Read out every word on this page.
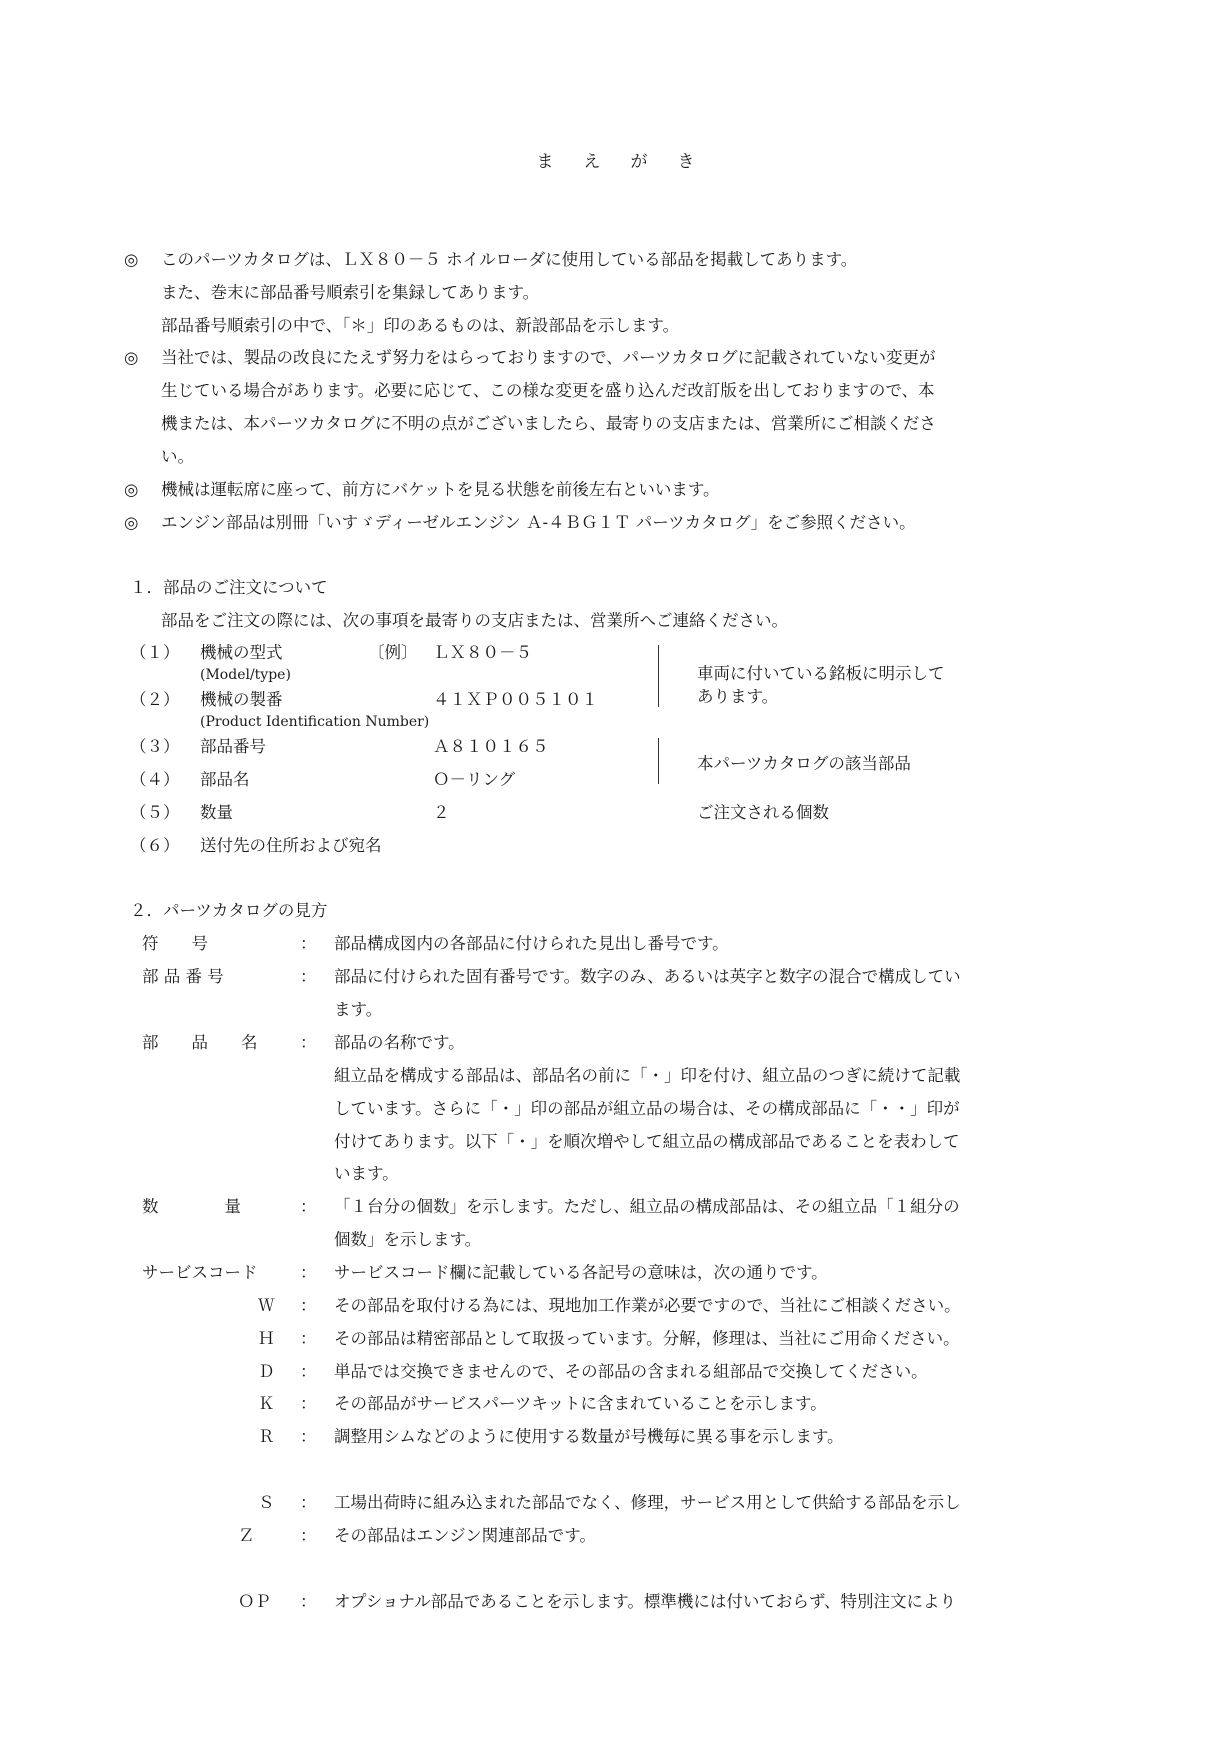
まえがき
◎ このパーツカタログは、ＬＸ８０－５ ホイルローダに使用している部品を掲載してあります。
また、巻末に部品番号順索引を集録してあります。
部品番号順索引の中で、「＊」印のあるものは、新設部品を示します。
◎ 当社では、製品の改良にたえず努力をはらっておりますので、パーツカタログに記載されていない変更が
生じている場合があります。必要に応じて、この様な変更を盛り込んだ改訂版を出しておりますので、本
機または、本パーツカタログに不明の点がございましたら、最寄りの支店または、営業所にご相談くださ
い。
◎ 機械は運転席に座って、前方にバケットを見る状態を前後左右といいます。
◎ エンジン部品は別冊「いすゞディーゼルエンジン Ａ-４ＢＧ１Ｔ パーツカタログ」をご参照ください。
１．部品のご注文について
部品をご注文の際には、次の事項を最寄りの支店または、営業所へご連絡ください。
（１） 機械の型式	〔例〕 ＬＸ８０－５
(Model/type)
（２） 機械の製番	４１ＸＰ００５１０１
(Product Identification Number)
車両に付いている銘板に明示して
あります。
（３） 部品番号	Ａ８１０１６５
本パーツカタログの該当部品
（４） 部品名	Ｏ－リング
（５） 数量	２	ご注文される個数
（６） 送付先の住所および宛名
２．パーツカタログの見方
符　　号	： 部品構成図内の各部品に付けられた見出し番号です。
部 品 番 号	： 部品に付けられた固有番号です。数字のみ、あるいは英字と数字の混合で構成してい
ます。
部　　品　　名	： 部品の名称です。
組立品を構成する部品は、部品名の前に「・」印を付け、組立品のつぎに続けて記載
しています。さらに「・」印の部品が組立品の場合は、その構成部品に「・・」印が
付けてあります。以下「・」を順次増やして組立品の構成部品であることを表わして
います。
数　　　　量	： 「１台分の個数」を示します。ただし、組立品の構成部品は、その組立品「１組分の
個数」を示します。
サービスコード	： サービスコード欄に記載している各記号の意味は，次の通りです。
Ｗ ： その部品を取付ける為には、現地加工作業が必要ですので、当社にご相談ください。
Ｈ ： その部品は精密部品として取扱っています。分解，修理は、当社にご用命ください。
Ｄ ： 単品では交換できませんので、その部品の含まれる組部品で交換してください。
Ｋ ： その部品がサービスパーツキットに含まれていることを示します。
Ｒ ： 調整用シムなどのように使用する数量が号機毎に異る事を示します。
Ｓ ： 工場出荷時に組み込まれた部品でなく、修理，サービス用として供給する部品を示し
Ｚ	： その部品はエンジン関連部品です。
ＯＰ ： オプショナル部品であることを示します。標準機には付いておらず、特別注文により
